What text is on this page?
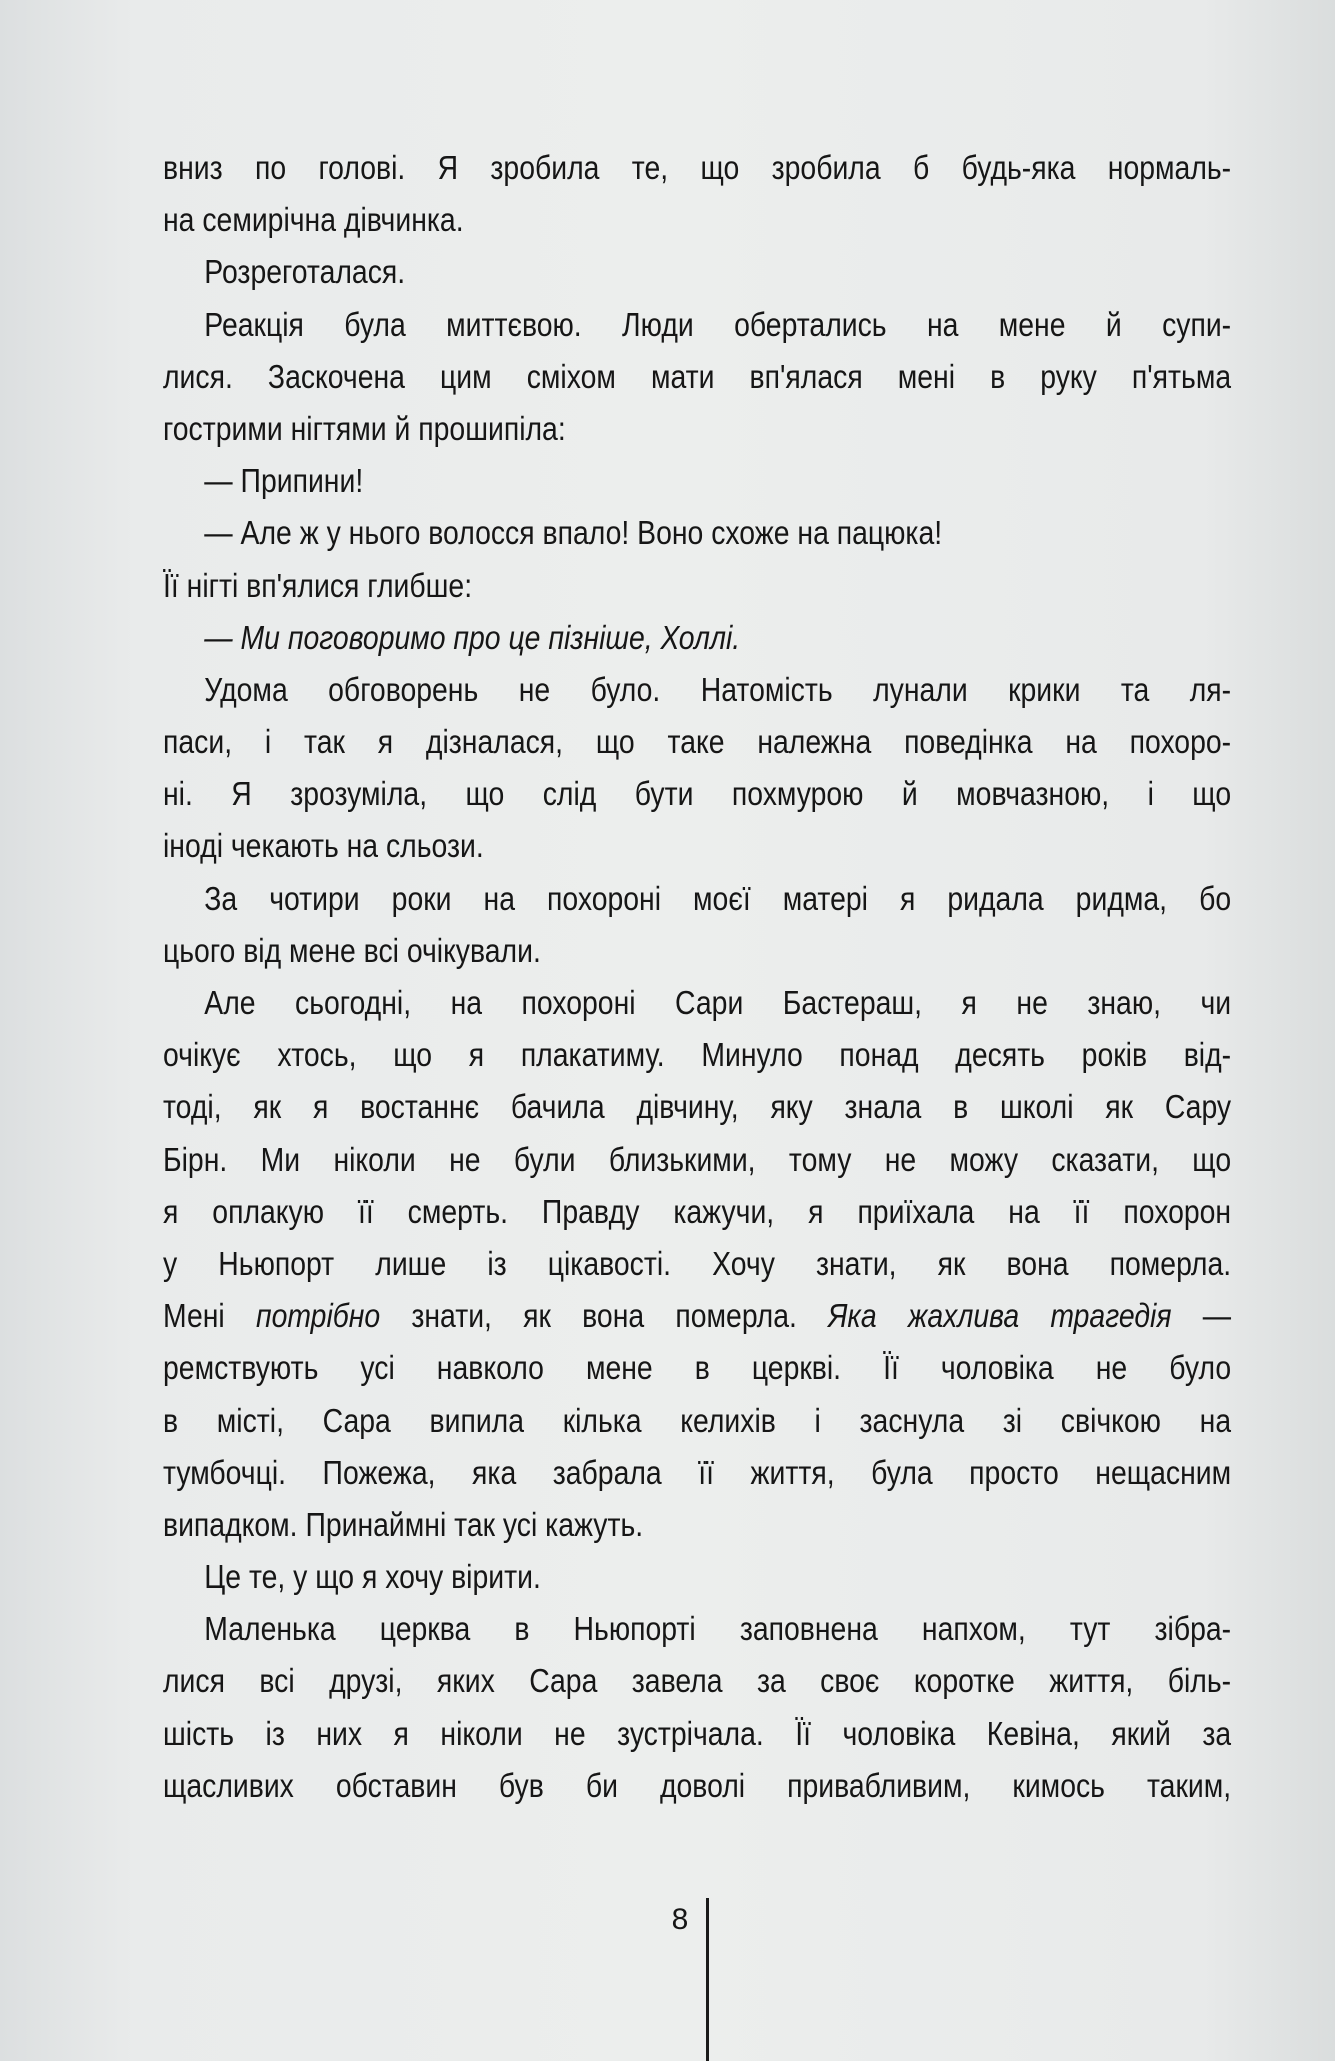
вниз по голові. Я зробила те, що зробила б будь-яка нормаль-
на семирічна дівчинка.
Розреготалася.
Реакція була миттєвою. Люди обертались на мене й супи-
лися. Заскочена цим сміхом мати вп'ялася мені в руку п'ятьма
гострими нігтями й прошипіла:
— Припини!
— Але ж у нього волосся впало! Воно схоже на пацюка!
Її нігті вп'ялися глибше:
— Ми поговоримо про це пізніше, Холлі.
Удома обговорень не було. Натомість лунали крики та ля-
паси, і так я дізналася, що таке належна поведінка на похоро-
ні. Я зрозуміла, що слід бути похмурою й мовчазною, і що
іноді чекають на сльози.
За чотири роки на похороні моєї матері я ридала ридма, бо
цього від мене всі очікували.
Але сьогодні, на похороні Сари Бастераш, я не знаю, чи
очікує хтось, що я плакатиму. Минуло понад десять років від-
тоді, як я востаннє бачила дівчину, яку знала в школі як Сару
Бірн. Ми ніколи не були близькими, тому не можу сказати, що
я оплакую її смерть. Правду кажучи, я приїхала на її похорон
у Ньюпорт лише із цікавості. Хочу знати, як вона померла.
Мені потрібно знати, як вона померла. Яка жахлива трагедія —
ремствують усі навколо мене в церкві. Її чоловіка не було
в місті, Сара випила кілька келихів і заснула зі свічкою на
тумбочці. Пожежа, яка забрала її життя, була просто нещасним
випадком. Принаймні так усі кажуть.
Це те, у що я хочу вірити.
Маленька церква в Ньюпорті заповнена напхом, тут зібра-
лися всі друзі, яких Сара завела за своє коротке життя, біль-
шість із них я ніколи не зустрічала. Її чоловіка Кевіна, який за
щасливих обставин був би доволі привабливим, кимось таким,
8
